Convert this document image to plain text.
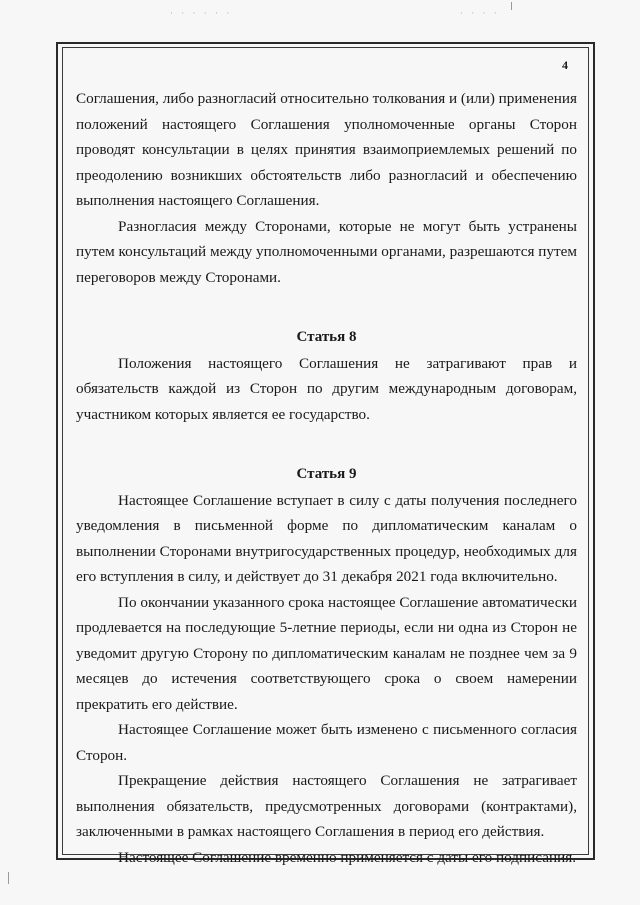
· · · · · ·	· · · ·
4

Соглашения, либо разногласий относительно толкования и (или) применения положений настоящего Соглашения уполномоченные органы Сторон проводят консультации в целях принятия взаимоприемлемых решений по преодолению возникших обстоятельств либо разногласий и обеспечению выполнения настоящего Соглашения.

Разногласия между Сторонами, которые не могут быть устранены путем консультаций между уполномоченными органами, разрешаются путем переговоров между Сторонами.

Статья 8

Положения настоящего Соглашения не затрагивают прав и обязательств каждой из Сторон по другим международным договорам, участником которых является ее государство.

Статья 9

Настоящее Соглашение вступает в силу с даты получения последнего уведомления в письменной форме по дипломатическим каналам о выполнении Сторонами внутригосударственных процедур, необходимых для его вступления в силу, и действует до 31 декабря 2021 года включительно.

По окончании указанного срока настоящее Соглашение автоматически продлевается на последующие 5-летние периоды, если ни одна из Сторон не уведомит другую Сторону по дипломатическим каналам не позднее чем за 9 месяцев до истечения соответствующего срока о своем намерении прекратить его действие.

Настоящее Соглашение может быть изменено с письменного согласия Сторон.

Прекращение действия настоящего Соглашения не затрагивает выполнения обязательств, предусмотренных договорами (контрактами), заключенными в рамках настоящего Соглашения в период его действия.

Настоящее Соглашение временно применяется с даты его подписания.
